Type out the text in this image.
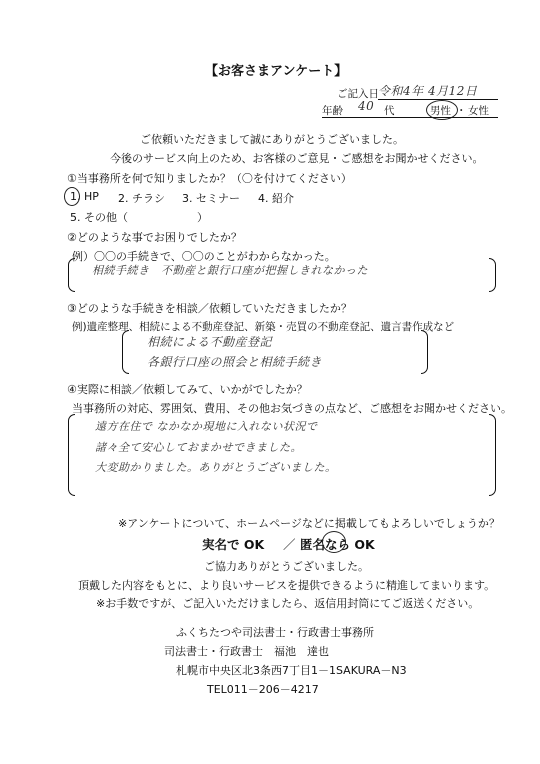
【お客さまアンケート】
ご記入日 令和4年 4月12日
年齢 40 代	男性 ・ 女性
ご依頼いただきまして誠にありがとうございました。
今後のサービス向上のため、お客様のご意見・ご感想をお聞かせください。
①当事務所を何で知りましたか？（〇を付けてください）
1. HP 2. チラシ 3. セミナー 4. 紹介
5. その他（	）
②どのような事でお困りでしたか？
例）〇〇の手続きで、〇〇のことがわからなかった。
相続手続き　不動産と銀行口座が把握しきれなかった
③どのような手続きを相談／依頼していただきましたか？
例)遺産整理、相続による不動産登記、新築・売買の不動産登記、遺言書作成など
相続による不動産登記
各銀行口座の照会と相続手続き
④実際に相談／依頼してみて、いかがでしたか？
当事務所の対応、雰囲気、費用、その他お気づきの点など、ご感想をお聞かせください。
遠方在住で なかなか現地に入れない状況で
諸々全て安心しておまかせできました。
大変助かりました。ありがとうございました。
※アンケートについて、ホームページなどに掲載してもよろしいでしょうか？
実名で OK ／ 匿名なら OK
ご協力ありがとうございました。
頂戴した内容をもとに、より良いサービスを提供できるように精進してまいります。
※お手数ですが、ご記入いただけましたら、返信用封筒にてご返送ください。
ふくちたつや司法書士・行政書士事務所
司法書士・行政書士　福池　達也
札幌市中央区北3条西7丁目1－1SAKURA－N3
TEL011－206－4217
